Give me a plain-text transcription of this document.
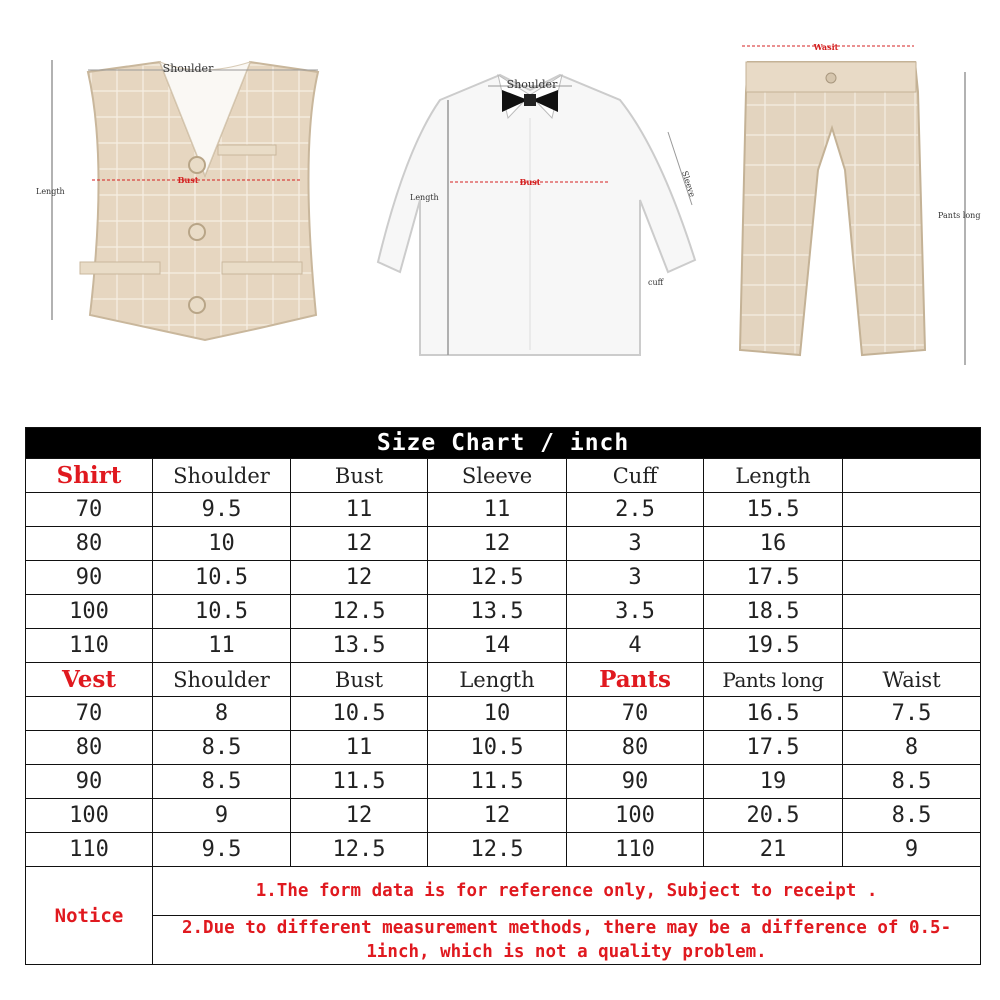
Shoulder
Bust
Length
Shoulder
Bust
Length	Sleeve
cuff
Wasit
Pants long
Size Chart / inch						
Shirt	Shoulder	Bust	Sleeve	Cuff	Length	
70	9.5	11	11	2.5	15.5	
80	10	12	12	3	16	
90	10.5	12	12.5	3	17.5	
100	10.5	12.5	13.5	3.5	18.5	
110	11	13.5	14	4	19.5	
Vest	Shoulder	Bust	Length	Pants	Pants long	Waist
70	8	10.5	10	70	16.5	7.5
80	8.5	11	10.5	80	17.5	8
90	8.5	11.5	11.5	90	19	8.5
100	9	12	12	100	20.5	8.5
110	9.5	12.5	12.5	110	21	9
Notice	1.The form data is for reference only, Subject to receipt .					
	2.Due to different measurement methods, there may be a difference of 0.5-1inch, which is not a quality problem.					
